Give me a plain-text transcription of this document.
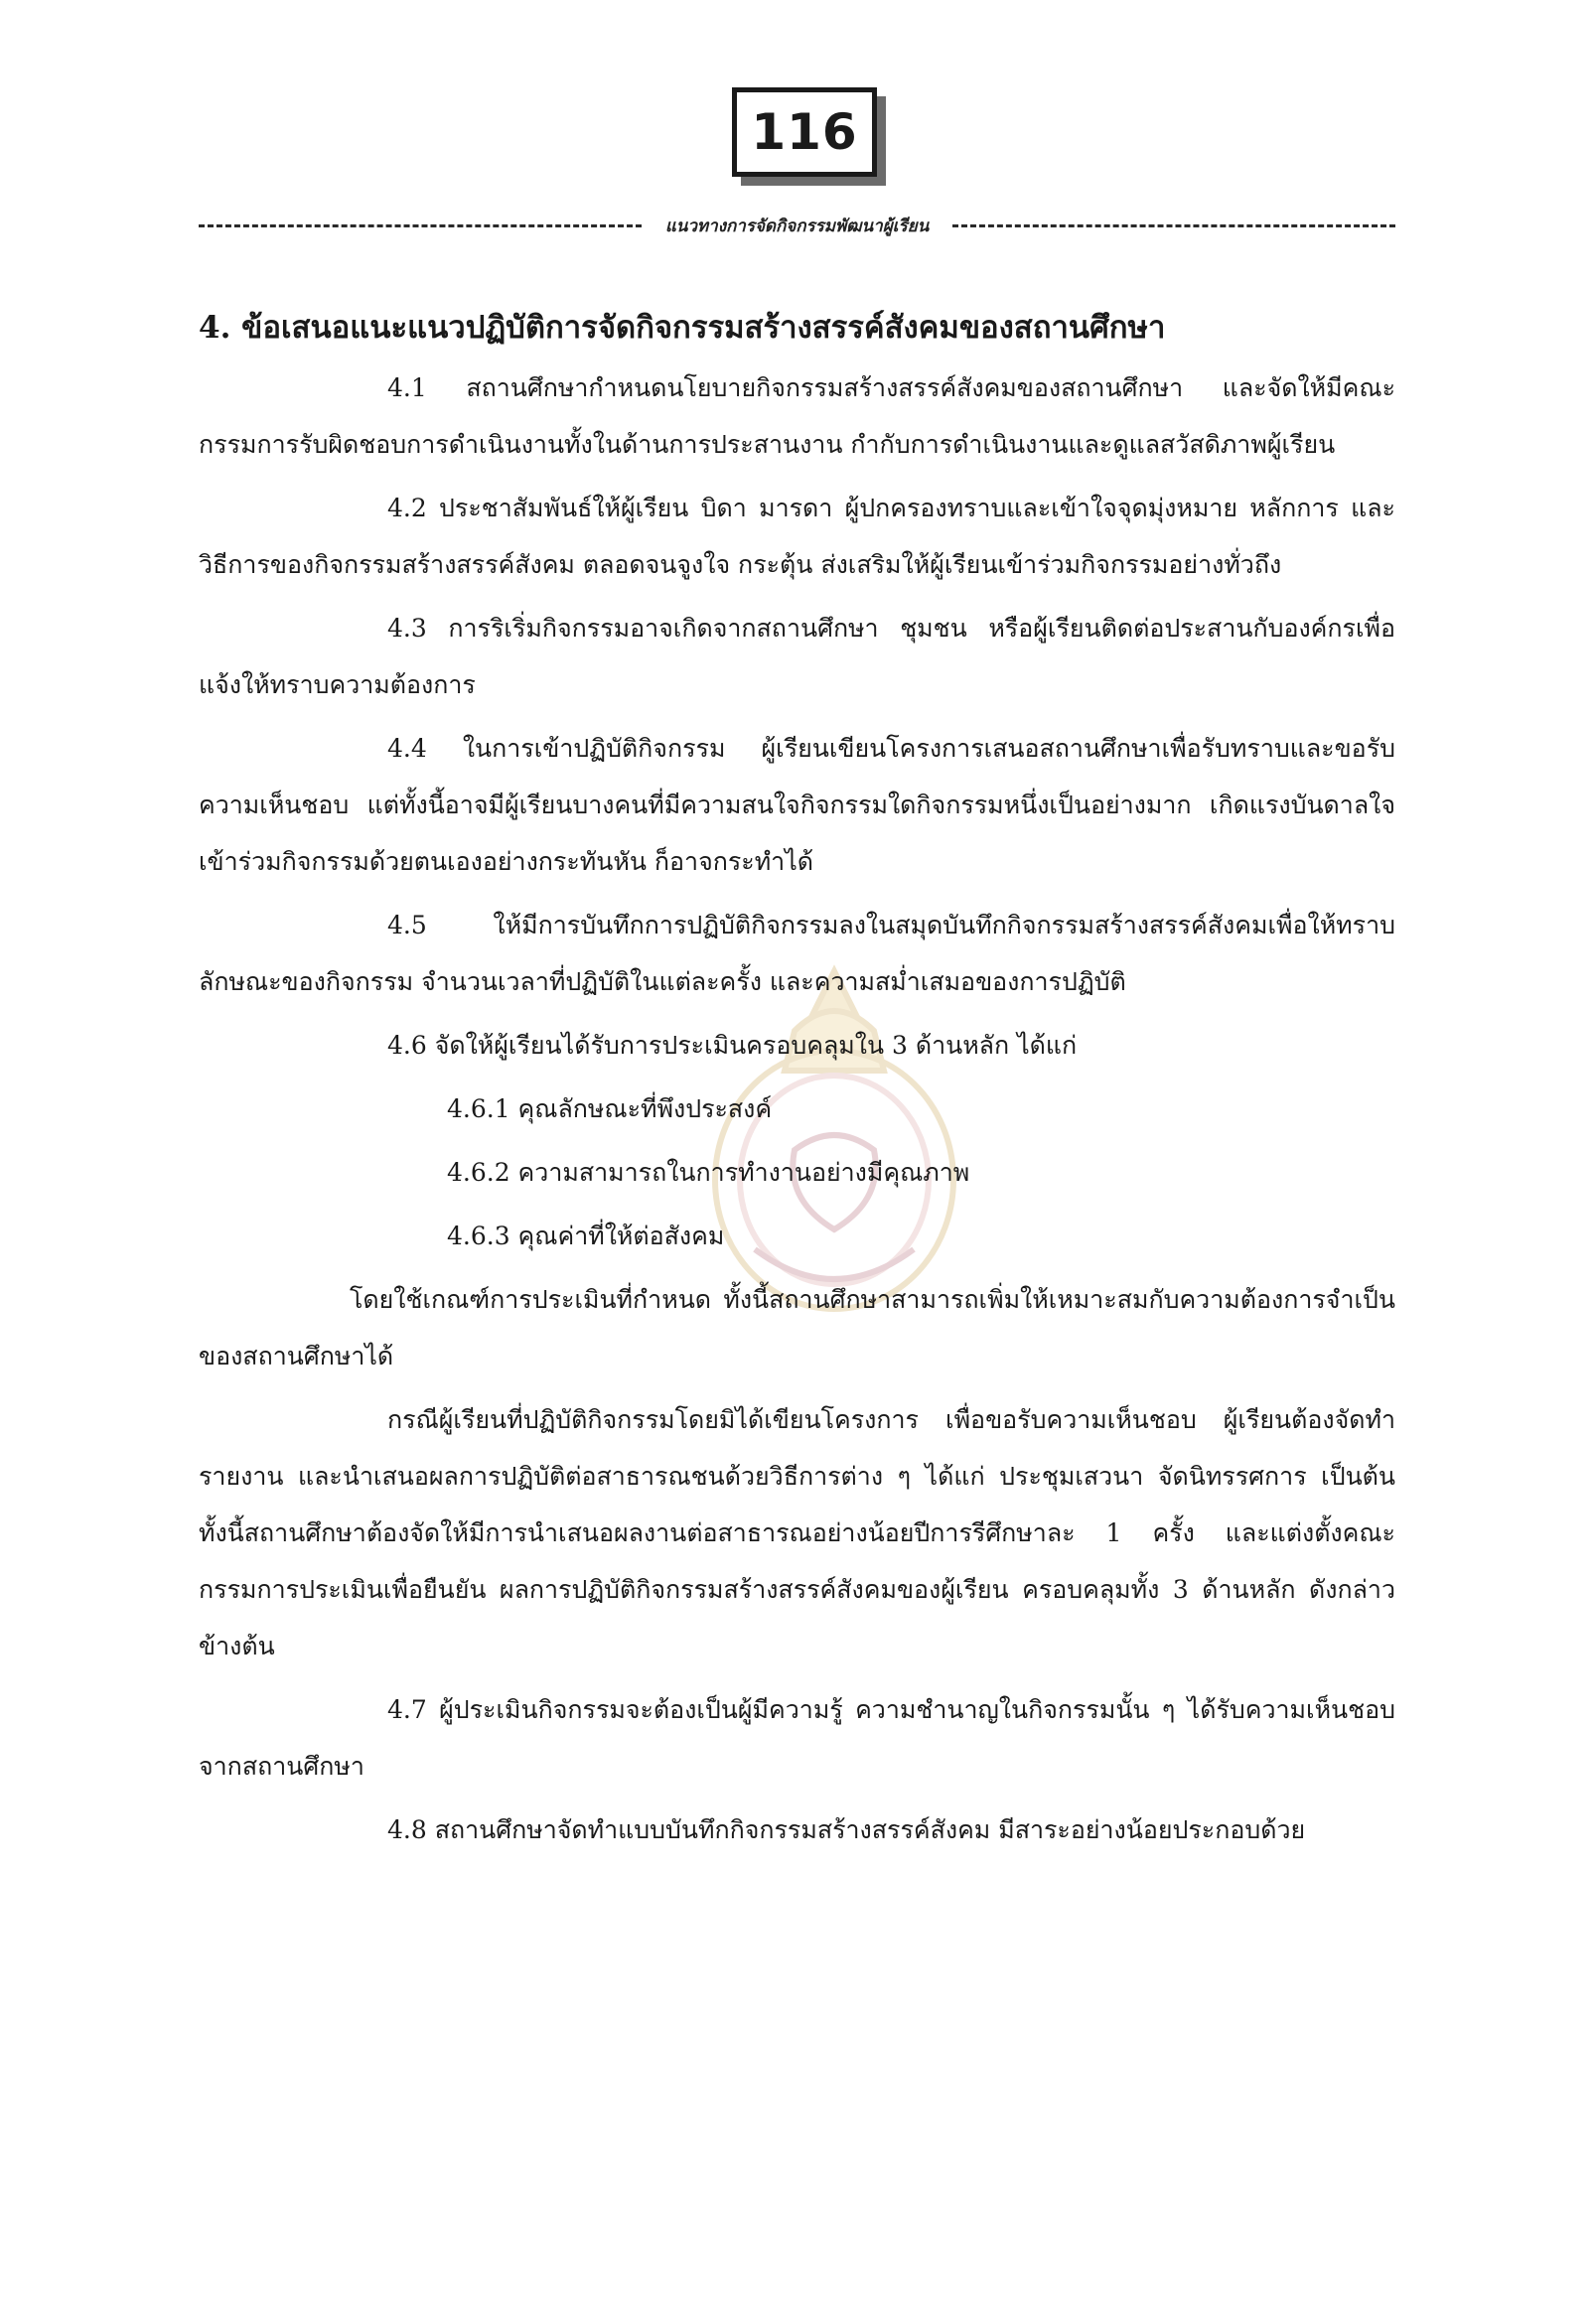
116
แนวทางการจัดกิจกรรมพัฒนาผู้เรียน

4. ข้อเสนอแนะแนวปฏิบัติการจัดกิจกรรมสร้างสรรค์สังคมของสถานศึกษา

4.1 สถานศึกษากำหนดนโยบายกิจกรรมสร้างสรรค์สังคมของสถานศึกษา และจัดให้มีคณะกรรมการรับผิดชอบการดำเนินงานทั้งในด้านการประสานงาน กำกับการดำเนินงานและดูแลสวัสดิภาพผู้เรียน

4.2 ประชาสัมพันธ์ให้ผู้เรียน บิดา มารดา ผู้ปกครองทราบและเข้าใจจุดมุ่งหมาย หลักการ และวิธีการของกิจกรรมสร้างสรรค์สังคม ตลอดจนจูงใจ กระตุ้น ส่งเสริมให้ผู้เรียนเข้าร่วมกิจกรรมอย่างทั่วถึง

4.3 การริเริ่มกิจกรรมอาจเกิดจากสถานศึกษา ชุมชน หรือผู้เรียนติดต่อประสานกับองค์กรเพื่อแจ้งให้ทราบความต้องการ

4.4 ในการเข้าปฏิบัติกิจกรรม ผู้เรียนเขียนโครงการเสนอสถานศึกษาเพื่อรับทราบและขอรับความเห็นชอบ แต่ทั้งนี้อาจมีผู้เรียนบางคนที่มีความสนใจกิจกรรมใดกิจกรรมหนึ่งเป็นอย่างมาก เกิดแรงบันดาลใจเข้าร่วมกิจกรรมด้วยตนเองอย่างกระทันหัน ก็อาจกระทำได้

4.5 ให้มีการบันทึกการปฏิบัติกิจกรรมลงในสมุดบันทึกกิจกรรมสร้างสรรค์สังคมเพื่อให้ทราบลักษณะของกิจกรรม จำนวนเวลาที่ปฏิบัติในแต่ละครั้ง และความสม่ำเสมอของการปฏิบัติ

4.6 จัดให้ผู้เรียนได้รับการประเมินครอบคลุมใน 3 ด้านหลัก ได้แก่

4.6.1 คุณลักษณะที่พึงประสงค์

4.6.2 ความสามารถในการทำงานอย่างมีคุณภาพ

4.6.3 คุณค่าที่ให้ต่อสังคม

โดยใช้เกณฑ์การประเมินที่กำหนด ทั้งนี้สถานศึกษาสามารถเพิ่มให้เหมาะสมกับความต้องการจำเป็นของสถานศึกษาได้

กรณีผู้เรียนที่ปฏิบัติกิจกรรมโดยมิได้เขียนโครงการ เพื่อขอรับความเห็นชอบ ผู้เรียนต้องจัดทำรายงาน และนำเสนอผลการปฏิบัติต่อสาธารณชนด้วยวิธีการต่าง ๆ ได้แก่ ประชุมเสวนา จัดนิทรรศการ เป็นต้น ทั้งนี้สถานศึกษาต้องจัดให้มีการนำเสนอผลงานต่อสาธารณอย่างน้อยปีการรีศึกษาละ 1 ครั้ง และแต่งตั้งคณะกรรมการประเมินเพื่อยืนยัน ผลการปฏิบัติกิจกรรมสร้างสรรค์สังคมของผู้เรียน ครอบคลุมทั้ง 3 ด้านหลัก ดังกล่าวข้างต้น

4.7 ผู้ประเมินกิจกรรมจะต้องเป็นผู้มีความรู้ ความชำนาญในกิจกรรมนั้น ๆ ได้รับความเห็นชอบจากสถานศึกษา

4.8 สถานศึกษาจัดทำแบบบันทึกกิจกรรมสร้างสรรค์สังคม มีสาระอย่างน้อยประกอบด้วย
